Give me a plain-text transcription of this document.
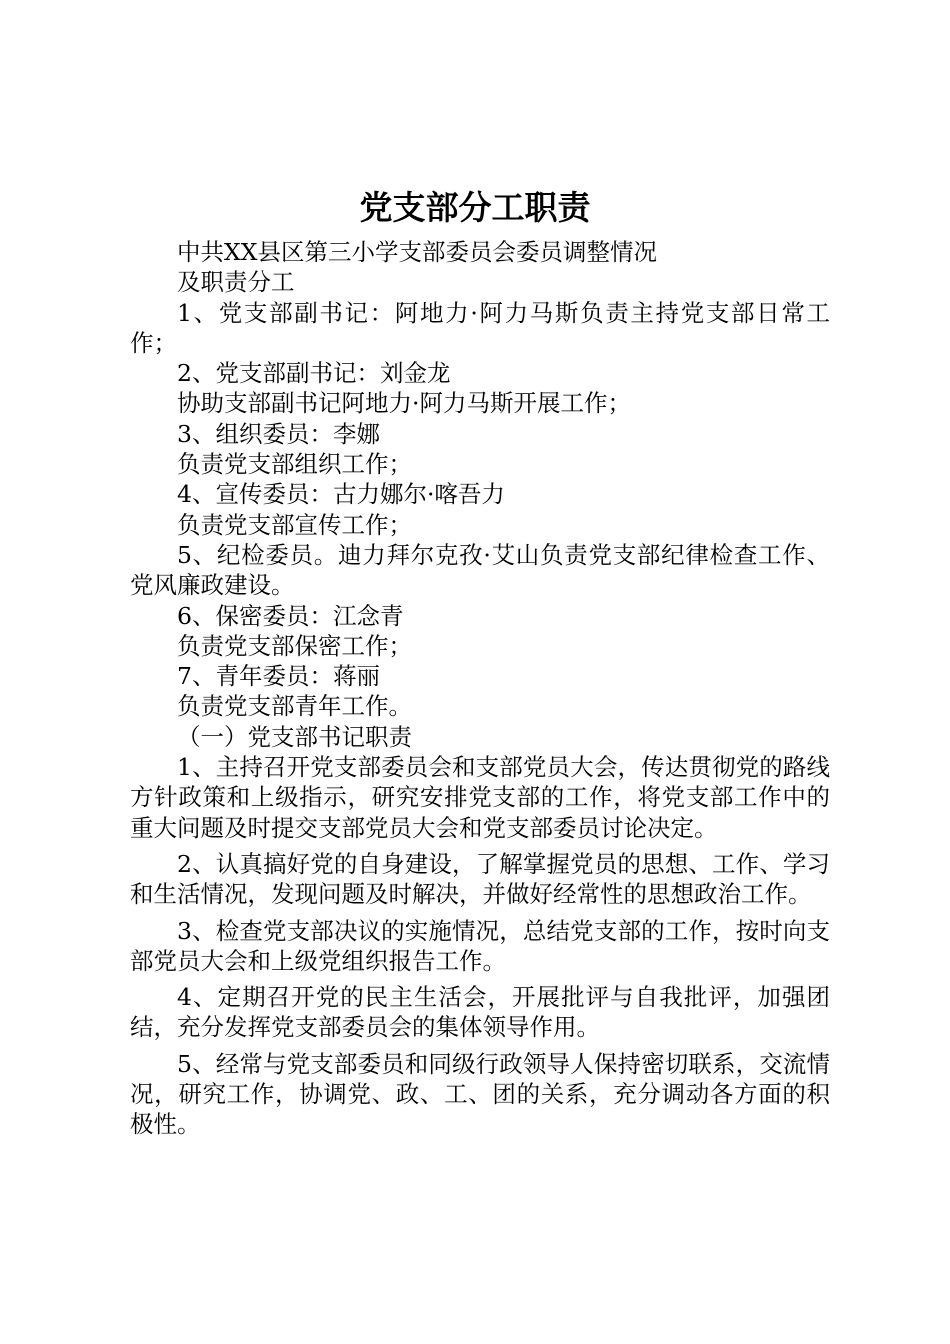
党支部分工职责

中共XX县区第三小学支部委员会委员调整情况

及职责分工

1、党支部副书记：阿地力·阿力马斯负责主持党支部日常工作；

2、党支部副书记：刘金龙

协助支部副书记阿地力·阿力马斯开展工作；

3、组织委员：李娜

负责党支部组织工作；

4、宣传委员：古力娜尔·喀吾力

负责党支部宣传工作；

5、纪检委员。迪力拜尔克孜·艾山负责党支部纪律检查工作、党风廉政建设。

6、保密委员：江念青

负责党支部保密工作；

7、青年委员：蒋丽

负责党支部青年工作。

（一）党支部书记职责

1、主持召开党支部委员会和支部党员大会，传达贯彻党的路线方针政策和上级指示，研究安排党支部的工作，将党支部工作中的重大问题及时提交支部党员大会和党支部委员讨论决定。

2、认真搞好党的自身建设，了解掌握党员的思想、工作、学习和生活情况，发现问题及时解决，并做好经常性的思想政治工作。

3、检查党支部决议的实施情况，总结党支部的工作，按时向支部党员大会和上级党组织报告工作。

4、定期召开党的民主生活会，开展批评与自我批评，加强团结，充分发挥党支部委员会的集体领导作用。

5、经常与党支部委员和同级行政领导人保持密切联系，交流情况，研究工作，协调党、政、工、团的关系，充分调动各方面的积极性。
